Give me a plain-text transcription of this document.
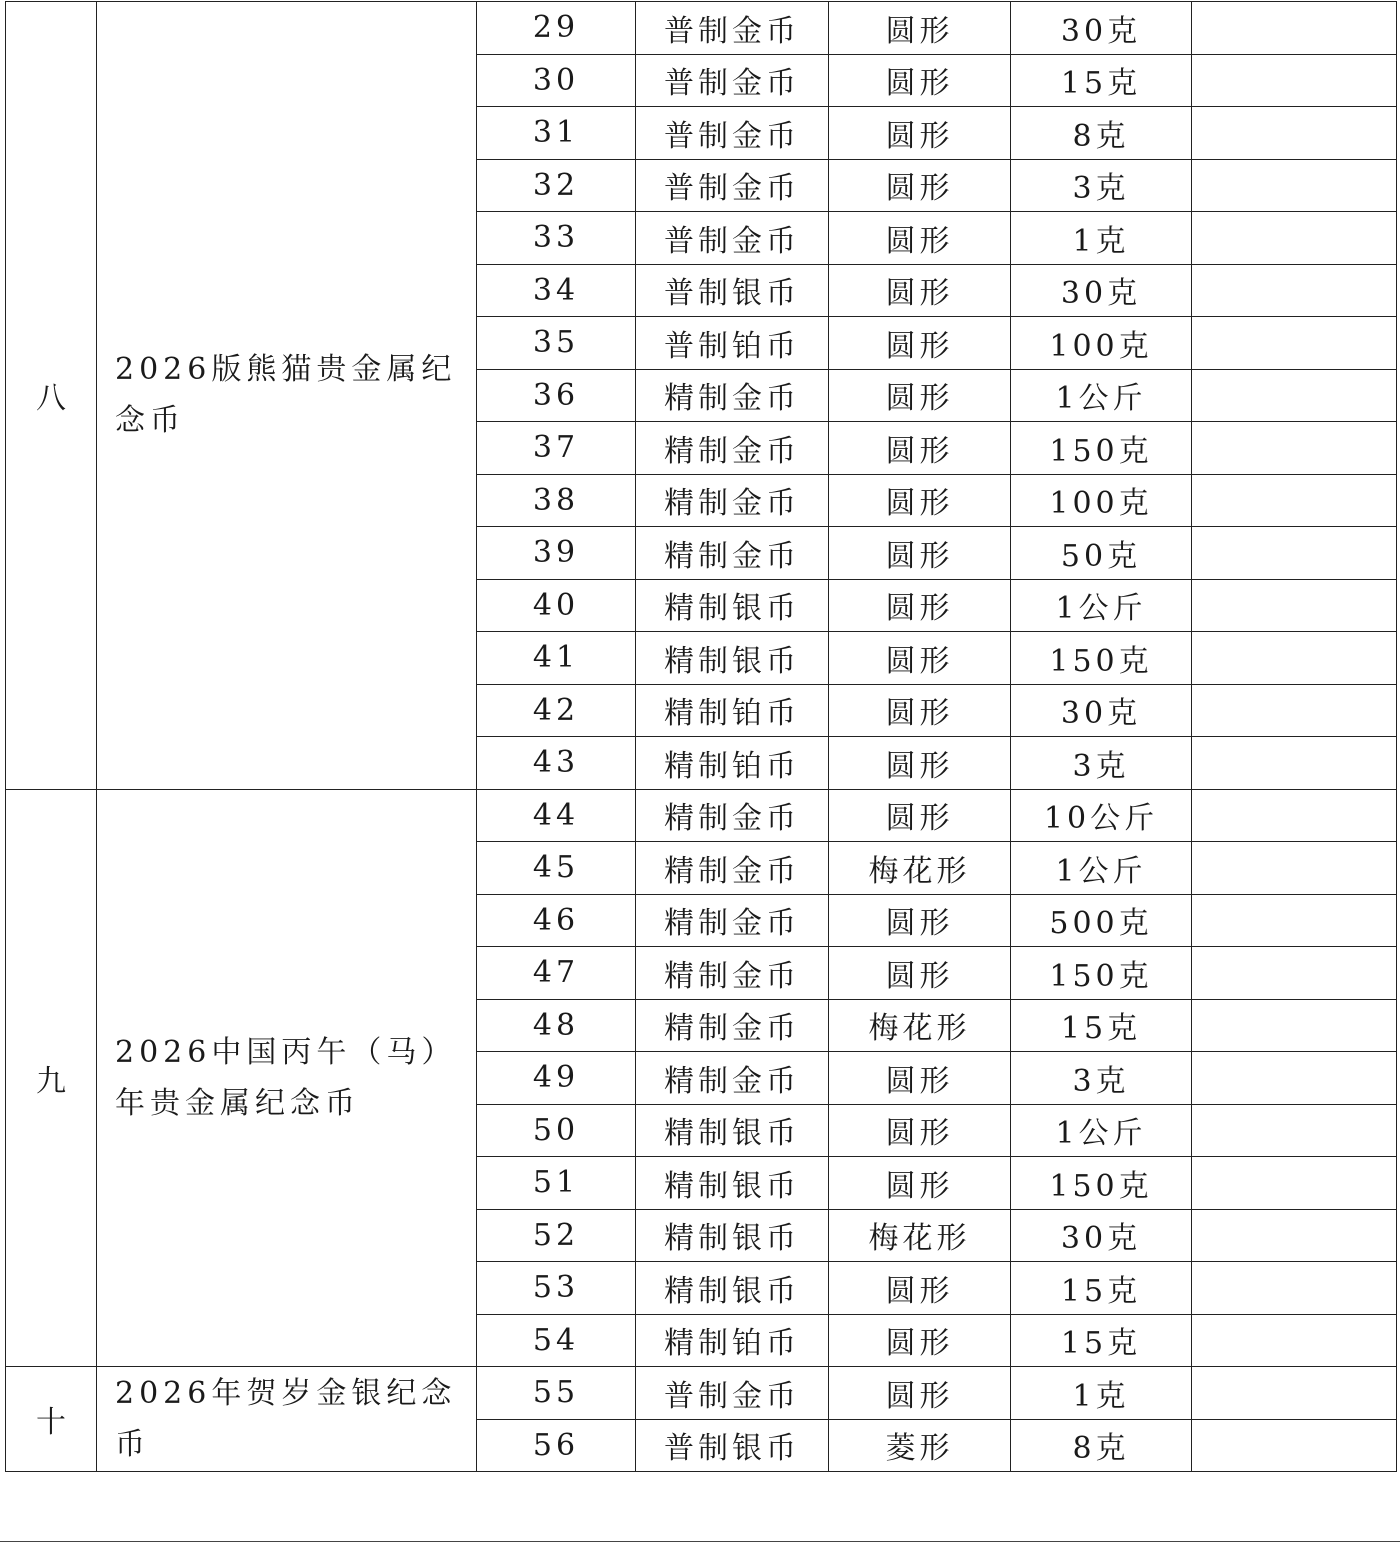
八	2026版熊猫贵金属纪念币	29	普制金币	圆形	30克	
		30	普制金币	圆形	15克	
		31	普制金币	圆形	8克	
		32	普制金币	圆形	3克	
		33	普制金币	圆形	1克	
		34	普制银币	圆形	30克	
		35	普制铂币	圆形	100克	
		36	精制金币	圆形	1公斤	
		37	精制金币	圆形	150克	
		38	精制金币	圆形	100克	
		39	精制金币	圆形	50克	
		40	精制银币	圆形	1公斤	
		41	精制银币	圆形	150克	
		42	精制铂币	圆形	30克	
		43	精制铂币	圆形	3克	
九	2026中国丙午（马）年贵金属纪念币	44	精制金币	圆形	10公斤	
		45	精制金币	梅花形	1公斤	
		46	精制金币	圆形	500克	
		47	精制金币	圆形	150克	
		48	精制金币	梅花形	15克	
		49	精制金币	圆形	3克	
		50	精制银币	圆形	1公斤	
		51	精制银币	圆形	150克	
		52	精制银币	梅花形	30克	
		53	精制银币	圆形	15克	
		54	精制铂币	圆形	15克	
十	2026年贺岁金银纪念币	55	普制金币	圆形	1克	
		56	普制银币	菱形	8克	
